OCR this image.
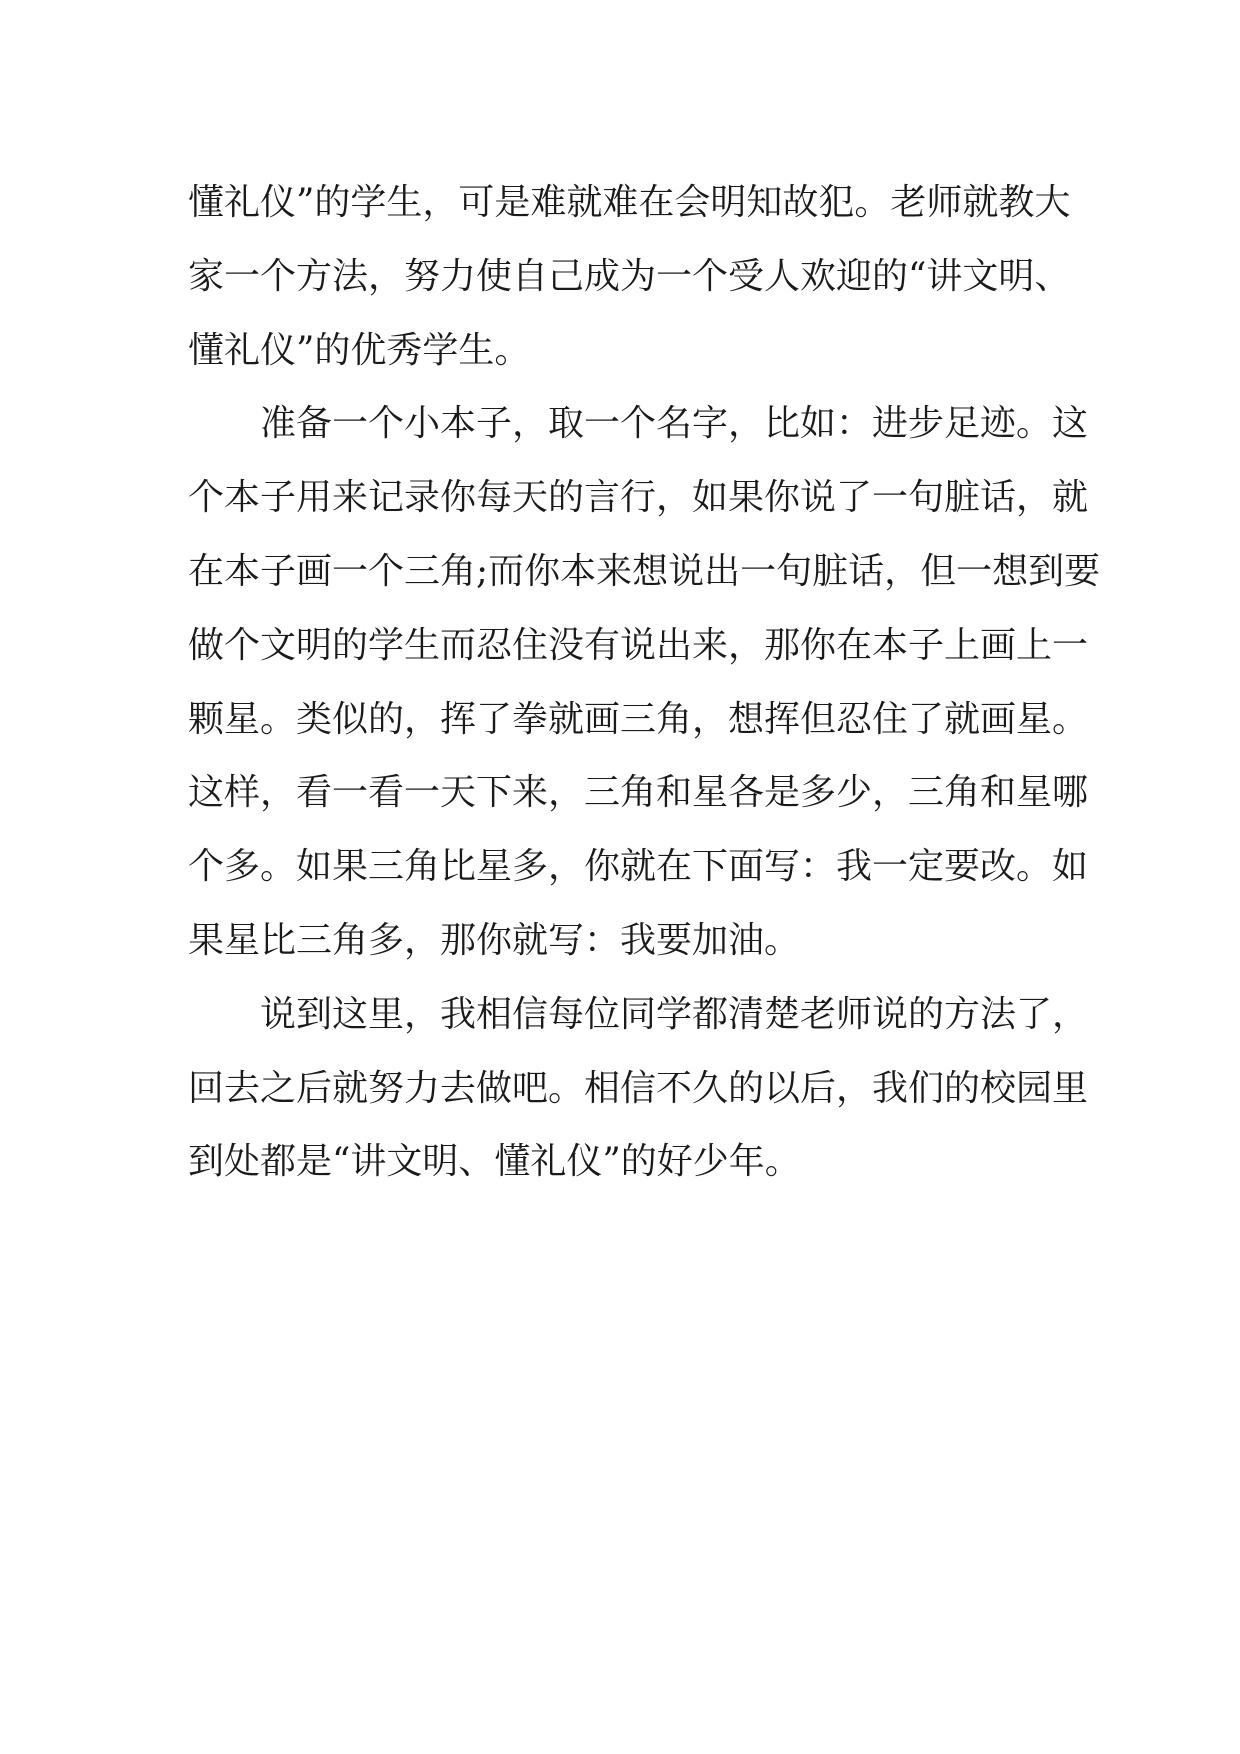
懂礼仪”的学生，可是难就难在会明知故犯。老师就教大
家一个方法，努力使自己成为一个受人欢迎的“讲文明、
懂礼仪”的优秀学生。
准备一个小本子，取一个名字，比如：进步足迹。这
个本子用来记录你每天的言行，如果你说了一句脏话，就
在本子画一个三角;而你本来想说出一句脏话，但一想到要
做个文明的学生而忍住没有说出来，那你在本子上画上一
颗星。类似的，挥了拳就画三角，想挥但忍住了就画星。
这样，看一看一天下来，三角和星各是多少，三角和星哪
个多。如果三角比星多，你就在下面写：我一定要改。如
果星比三角多，那你就写：我要加油。
说到这里，我相信每位同学都清楚老师说的方法了，
回去之后就努力去做吧。相信不久的以后，我们的校园里
到处都是“讲文明、懂礼仪”的好少年。
